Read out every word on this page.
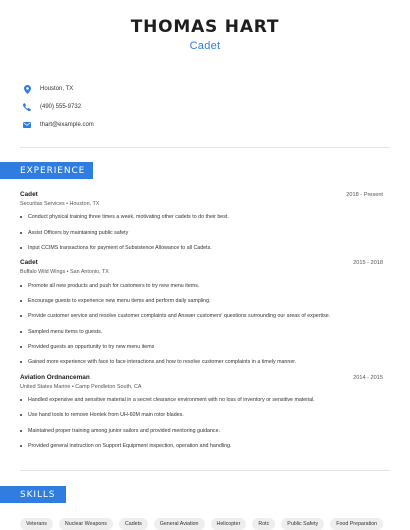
THOMAS HART
Cadet
Houston, TX
(490) 555-9732
thart@example.com
EXPERIENCE
Cadet	2018 - Present
Securitas Services • Houston, TX
Conduct physical training three times a week, motivating other cadets to do their best.
Assist Officers by maintaining public safety
Input CCIMS transactions for payment of Subsistence Allowance to all Cadets.
Cadet	2015 - 2018
Buffalo Wild Wings • San Antonio, TX
Promote all new products and push for customers to try new menu items.
Encourage guests to experience new menu items and perform daily sampling.
Provide customer service and resolve customer complaints and Answer customers' questions surrounding our areas of expertise.
Sampled menu items to guests.
Provided guests an oppurtunity to try new menu items
Gained more experience with face to face interactions and how to resolve customer complaints in a timely manner.
Aviation Ordnanceman	2014 - 2015
United States Marine • Camp Pendleton South, CA
Handled expensive and sensitive material in a secret clearance environment with no loss of inventory or sensitive material.
Use hand tools to remove Hontek from UH-60M main rotor blades.
Maintained proper training among junior sailors and provided mentoring guidance.
Provided general instruction on Support Equipment inspection, operation and handling.
SKILLS
Veterans	Nuclear Weapons	Cadets	General Aviation	Helicopter	Rotc	Public Safety	Food Preparation
